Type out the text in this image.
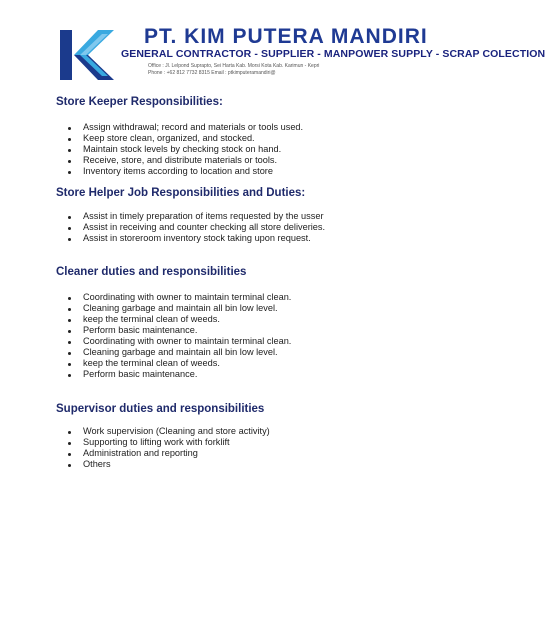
PT. KIM PUTERA MANDIRI
GENERAL CONTRACTOR - SUPPLIER - MANPOWER SUPPLY - SCRAP COLECTION
Office : Jl. Lelpond Suprapto, Sei Harta Kab. Morsi Kota Kab. Karimun - Kepri
Phone : +62 812 7732 8315 Email : ptkimputeramandiri@
Store Keeper Responsibilities:
Assign withdrawal; record and materials or tools used.
Keep store clean, organized, and stocked.
Maintain stock levels by checking stock on hand.
Receive, store, and distribute materials or tools.
Inventory items according to location and store
Store Helper Job Responsibilities and Duties:
Assist in timely preparation of items requested by the usser
Assist in receiving and counter checking all store deliveries.
Assist in storeroom inventory stock taking upon request.
Cleaner duties and responsibilities
Coordinating with owner to maintain terminal clean.
Cleaning garbage and maintain all bin low level.
keep the terminal clean of weeds.
Perform basic maintenance.
Coordinating with owner to maintain terminal clean.
Cleaning garbage and maintain all bin low level.
keep the terminal clean of weeds.
Perform basic maintenance.
Supervisor duties and responsibilities
Work supervision (Cleaning and store activity)
Supporting to lifting work with forklift
Administration and reporting
Others
